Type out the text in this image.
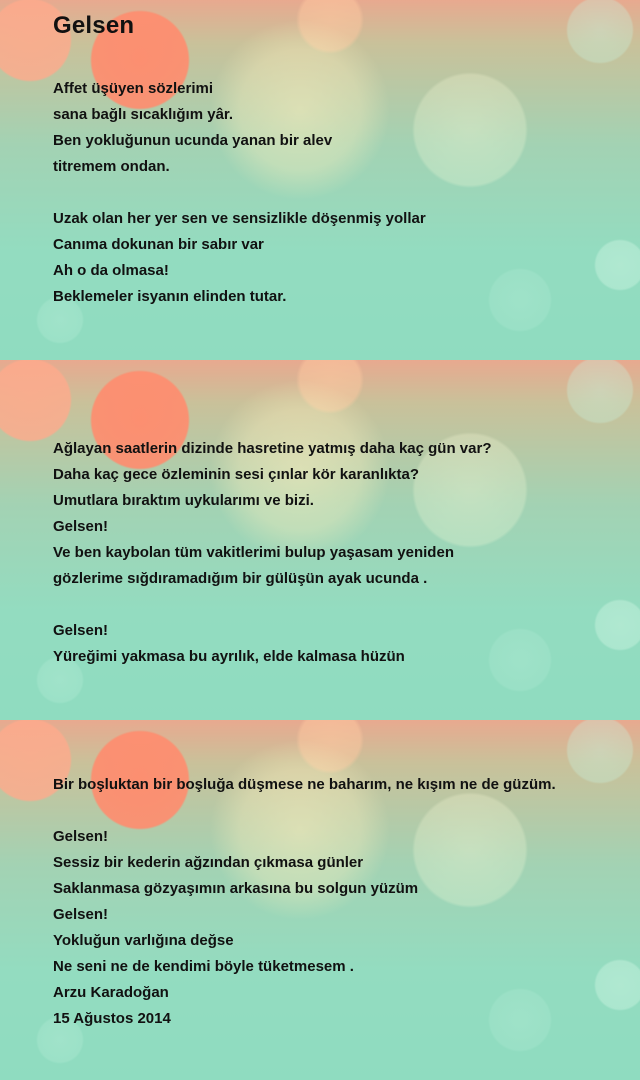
Gelsen
Affet üşüyen sözlerimi
sana bağlı sıcaklığım yâr.
Ben yokluğunun ucunda yanan bir alev
titremem ondan.
Uzak olan her yer sen ve sensizlikle döşenmiş yollar
Canıma dokunan bir sabır var
Ah o da olmasa!
Beklemeler isyanın elinden tutar.
Ağlayan saatlerin dizinde hasretine yatmış daha kaç gün var?
Daha kaç gece özleminin sesi çınlar kör karanlıkta?
Umutlara bıraktım uykularımı ve bizi.
Gelsen!
Ve ben kaybolan tüm vakitlerimi bulup yaşasam yeniden
gözlerime sığdıramadığım bir gülüşün ayak ucunda .
Gelsen!
Yüreğimi yakmasa bu ayrılık, elde kalmasa hüzün
Bir boşluktan bir boşluğa düşmese ne baharım, ne kışım ne de güzüm.
Gelsen!
Sessiz bir kederin ağzından çıkmasa günler
Saklanmasa gözyaşımın arkasına bu solgun yüzüm
Gelsen!
Yokluğun varlığına değse
Ne seni ne de kendimi böyle tüketmesem .
Arzu Karadoğan
15 Ağustos 2014
